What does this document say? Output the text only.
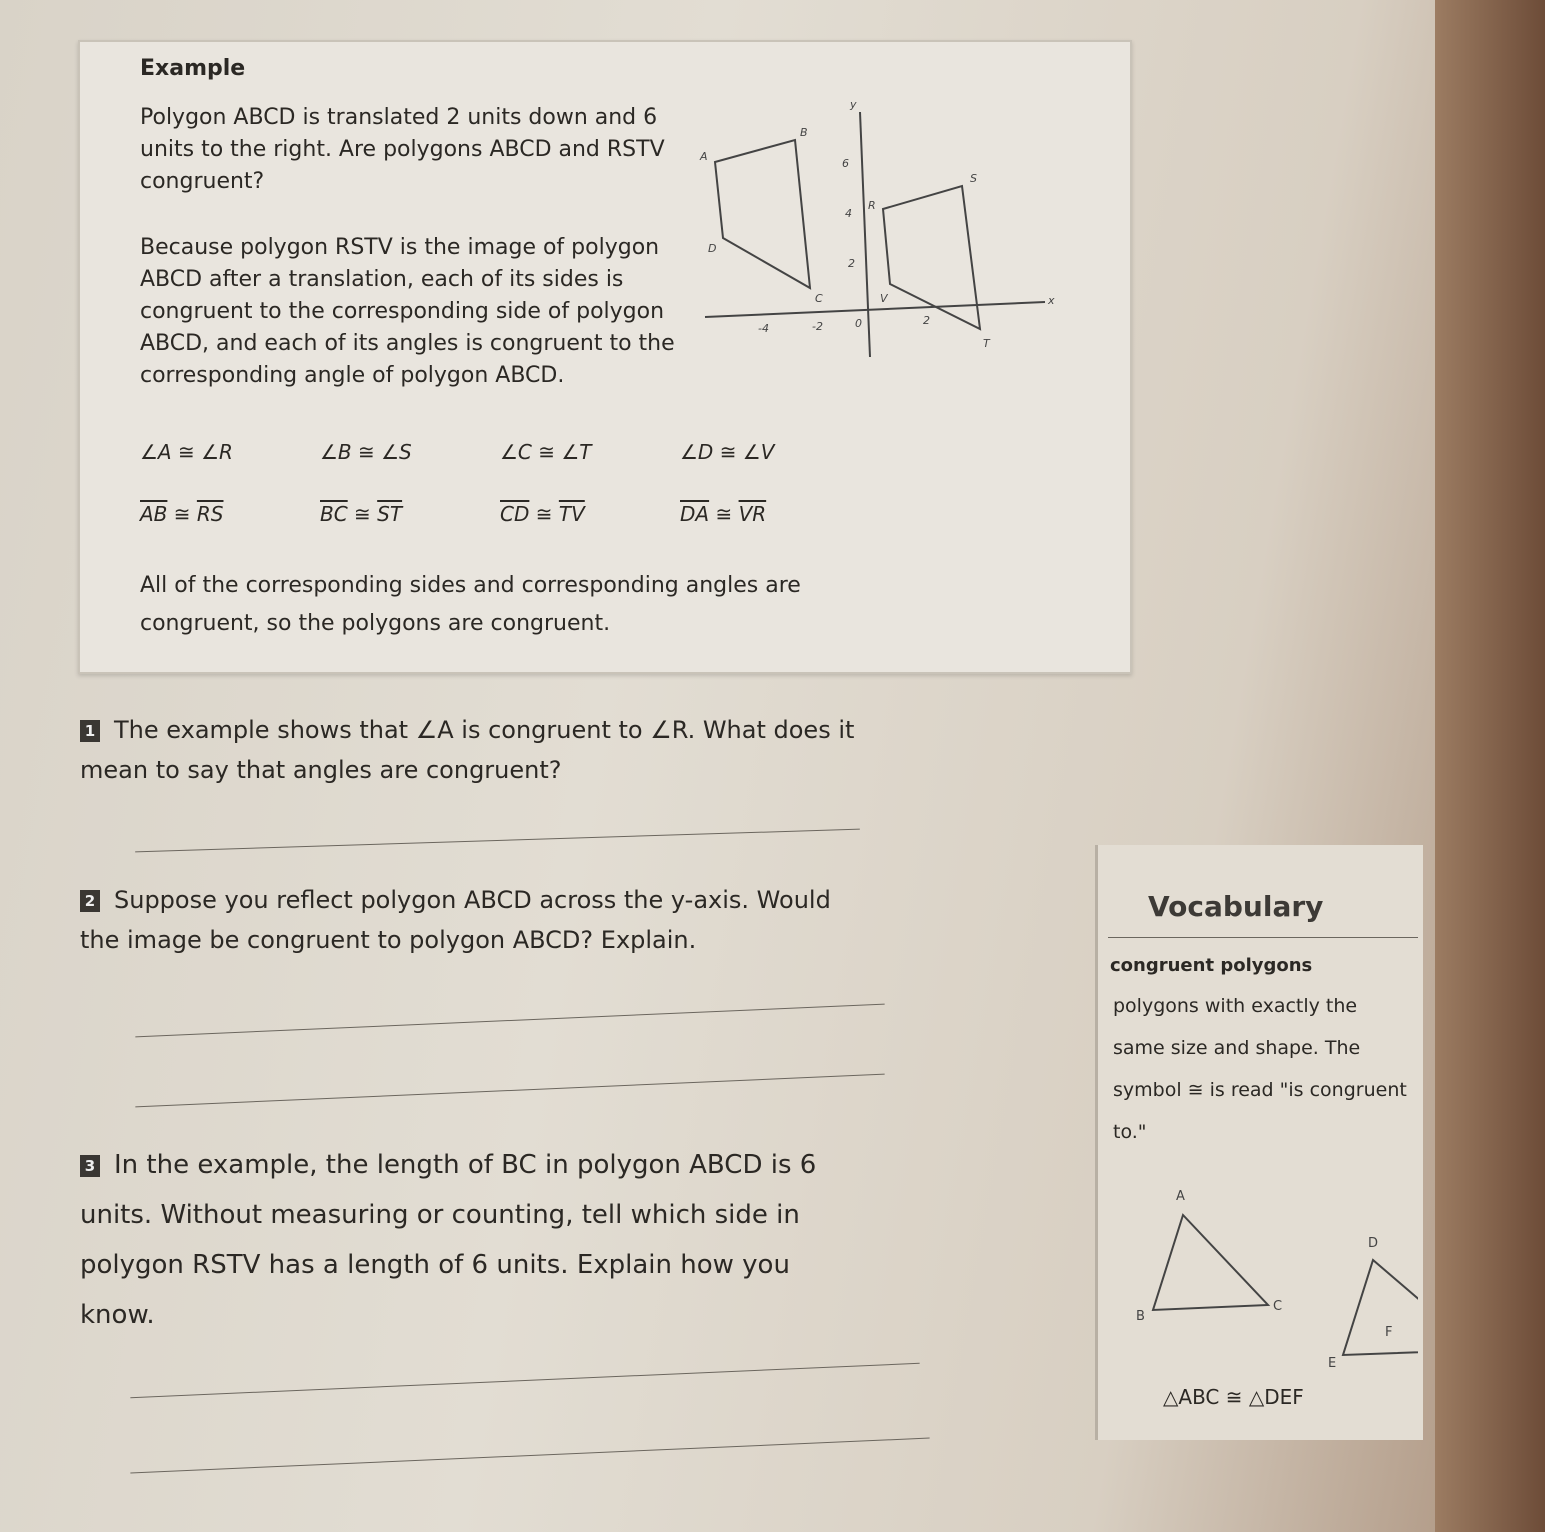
Example
Polygon ABCD is translated 2 units down and 6 units to the right. Are polygons ABCD and RSTV congruent?
Because polygon RSTV is the image of polygon ABCD after a translation, each of its sides is congruent to the corresponding side of polygon ABCD, and each of its angles is congruent to the corresponding angle of polygon ABCD.
y
x
-4	-2	0	2
6
4
2
A
B
C
D
R
S
T
V
∠A ≅ ∠R	∠B ≅ ∠S	∠C ≅ ∠T	∠D ≅ ∠V
$\overline{AB}$ ≅ $\overline{RS}$	$\overline{BC}$ ≅ $\overline{ST}$	$\overline{CD}$ ≅ $\overline{TV}$	$\overline{DA}$ ≅ $\overline{VR}$
All of the corresponding sides and corresponding angles are congruent, so the polygons are congruent.
1 The example shows that ∠A is congruent to ∠R. What does it mean to say that angles are congruent?
2 Suppose you reflect polygon ABCD across the y-axis. Would the image be congruent to polygon ABCD? Explain.
3 In the example, the length of BC in polygon ABCD is 6 units. Without measuring or counting, tell which side in polygon RSTV has a length of 6 units. Explain how you know.
Vocabulary
congruent polygons
polygons with exactly the same size and shape. The symbol ≅ is read "is congruent to."
A
B
C
D
E
△ABC ≅ △DEF
F
